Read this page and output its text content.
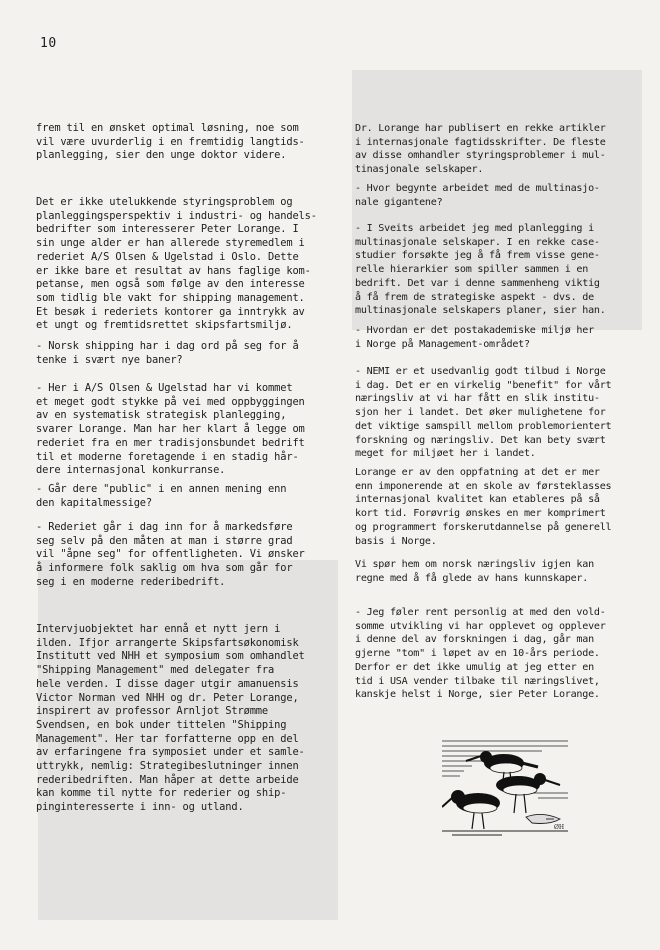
10

frem til en ønsket optimal løsning, noe som
vil være uvurderlig i en fremtidig langtids-
planlegging, sier den unge doktor videre.

Det er ikke utelukkende styringsproblem og
planleggingsperspektiv i industri- og handels-
bedrifter som interesserer Peter Lorange. I
sin unge alder er han allerede styremedlem i
rederiet A/S Olsen & Ugelstad i Oslo. Dette
er ikke bare et resultat av hans faglige kom-
petanse, men også som følge av den interesse
som tidlig ble vakt for shipping management.
Et besøk i rederiets kontorer ga inntrykk av
et ungt og fremtidsrettet skipsfartsmiljø.

- Norsk shipping har i dag ord på seg for å
tenke i svært nye baner?

- Her i A/S Olsen & Ugelstad har vi kommet
et meget godt stykke på vei med oppbyggingen
av en systematisk strategisk planlegging,
svarer Lorange. Man har her klart å legge om
rederiet fra en mer tradisjonsbundet bedrift
til et moderne foretagende i en stadig hår-
dere internasjonal konkurranse.

- Går dere "public" i en annen mening enn
den kapitalmessige?

- Rederiet går i dag inn for å markedsføre
seg selv på den måten at man i større grad
vil "åpne seg" for offentligheten. Vi ønsker
å informere folk saklig om hva som går for
seg i en moderne rederibedrift.

Intervjuobjektet har ennå et nytt jern i
ilden. Ifjor arrangerte Skipsfartsøkonomisk
Institutt ved NHH et symposium som omhandlet
"Shipping Management" med delegater fra
hele verden. I disse dager utgir amanuensis
Victor Norman ved NHH og dr. Peter Lorange,
inspirert av professor Arnljot Strømme
Svendsen, en bok under tittelen "Shipping
Management". Her tar forfatterne opp en del
av erfaringene fra symposiet under et samle-
uttrykk, nemlig: Strategibeslutninger innen
rederibedriften. Man håper at dette arbeide
kan komme til nytte for rederier og ship-
pinginteresserte i inn- og utland.

Dr. Lorange har publisert en rekke artikler
i internasjonale fagtidsskrifter. De fleste
av disse omhandler styringsproblemer i mul-
tinasjonale selskaper.

- Hvor begynte arbeidet med de multinasjo-
nale gigantene?

- I Sveits arbeidet jeg med planlegging i
multinasjonale selskaper. I en rekke case-
studier forsøkte jeg å få frem visse gene-
relle hierarkier som spiller sammen i en
bedrift. Det var i denne sammenheng viktig
å få frem de strategiske aspekt - dvs. de
multinasjonale selskapers planer, sier han.

- Hvordan er det postakademiske miljø her
i Norge på Management-området?

- NEMI er et usedvanlig godt tilbud i Norge
i dag. Det er en virkelig "benefit" for vårt
næringsliv at vi har fått en slik institu-
sjon her i landet. Det øker mulighetene for
det viktige samspill mellom problemorientert
forskning og næringsliv. Det kan bety svært
meget for miljøet her i landet.

Lorange er av den oppfatning at det er mer
enn imponerende at en skole av førsteklasses
internasjonal kvalitet kan etableres på så
kort tid. Forøvrig ønskes en mer komprimert
og programmert forskerutdannelse på generell
basis i Norge.

Vi spør hem om norsk næringsliv igjen kan
regne med å få glede av hans kunnskaper.

- Jeg føler rent personlig at med den vold-
somme utvikling vi har opplevet og opplever
i denne del av forskningen i dag, går man
gjerne "tom" i løpet av en 10-års periode.
Derfor er det ikke umulig at jeg etter en
tid i USA vender tilbake til næringslivet,
kanskje helst i Norge, sier Peter Lorange.

ØH
